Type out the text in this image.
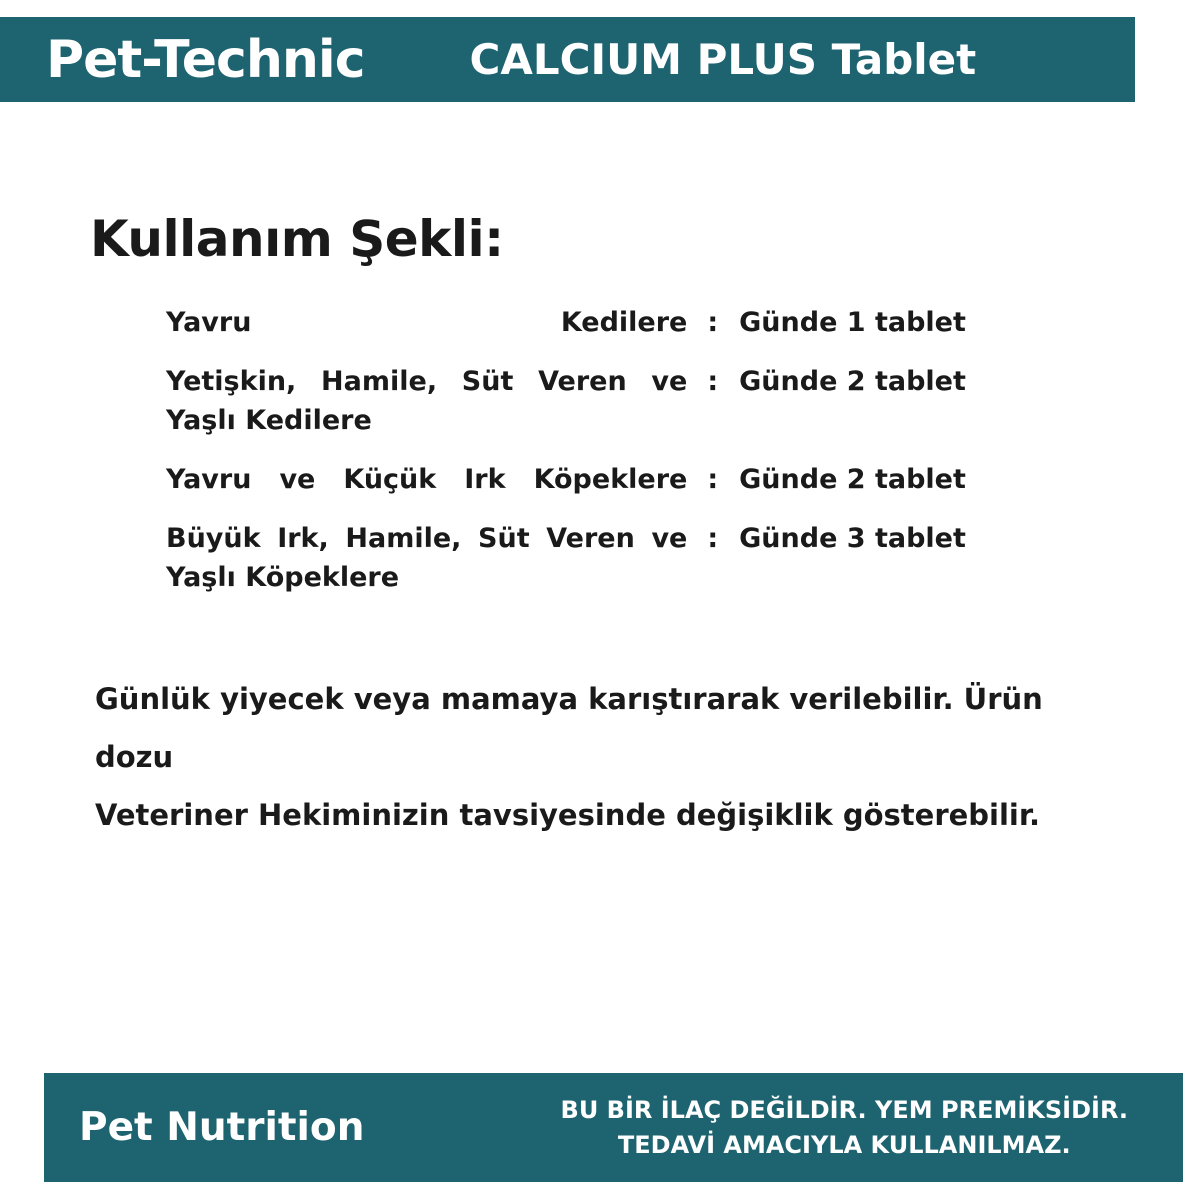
Pet-Technic	CALCIUM PLUS Tablet
Kullanım Şekli:
Yavru Kedilere	:	Günde 1 tablet
Yetişkin, Hamile, Süt Veren ve
Yaşlı Kedilere	:	Günde 2 tablet
Yavru ve Küçük Irk Köpeklere	:	Günde 2 tablet
Büyük Irk, Hamile, Süt Veren ve
Yaşlı Köpeklere	:	Günde 3 tablet
Günlük yiyecek veya mamaya karıştırarak verilebilir. Ürün dozu
Veteriner Hekiminizin tavsiyesinde değişiklik gösterebilir.
Pet Nutrition	BU BİR İLAÇ DEĞİLDİR. YEM PREMİKSİDİR.
TEDAVİ AMACIYLA KULLANILMAZ.
